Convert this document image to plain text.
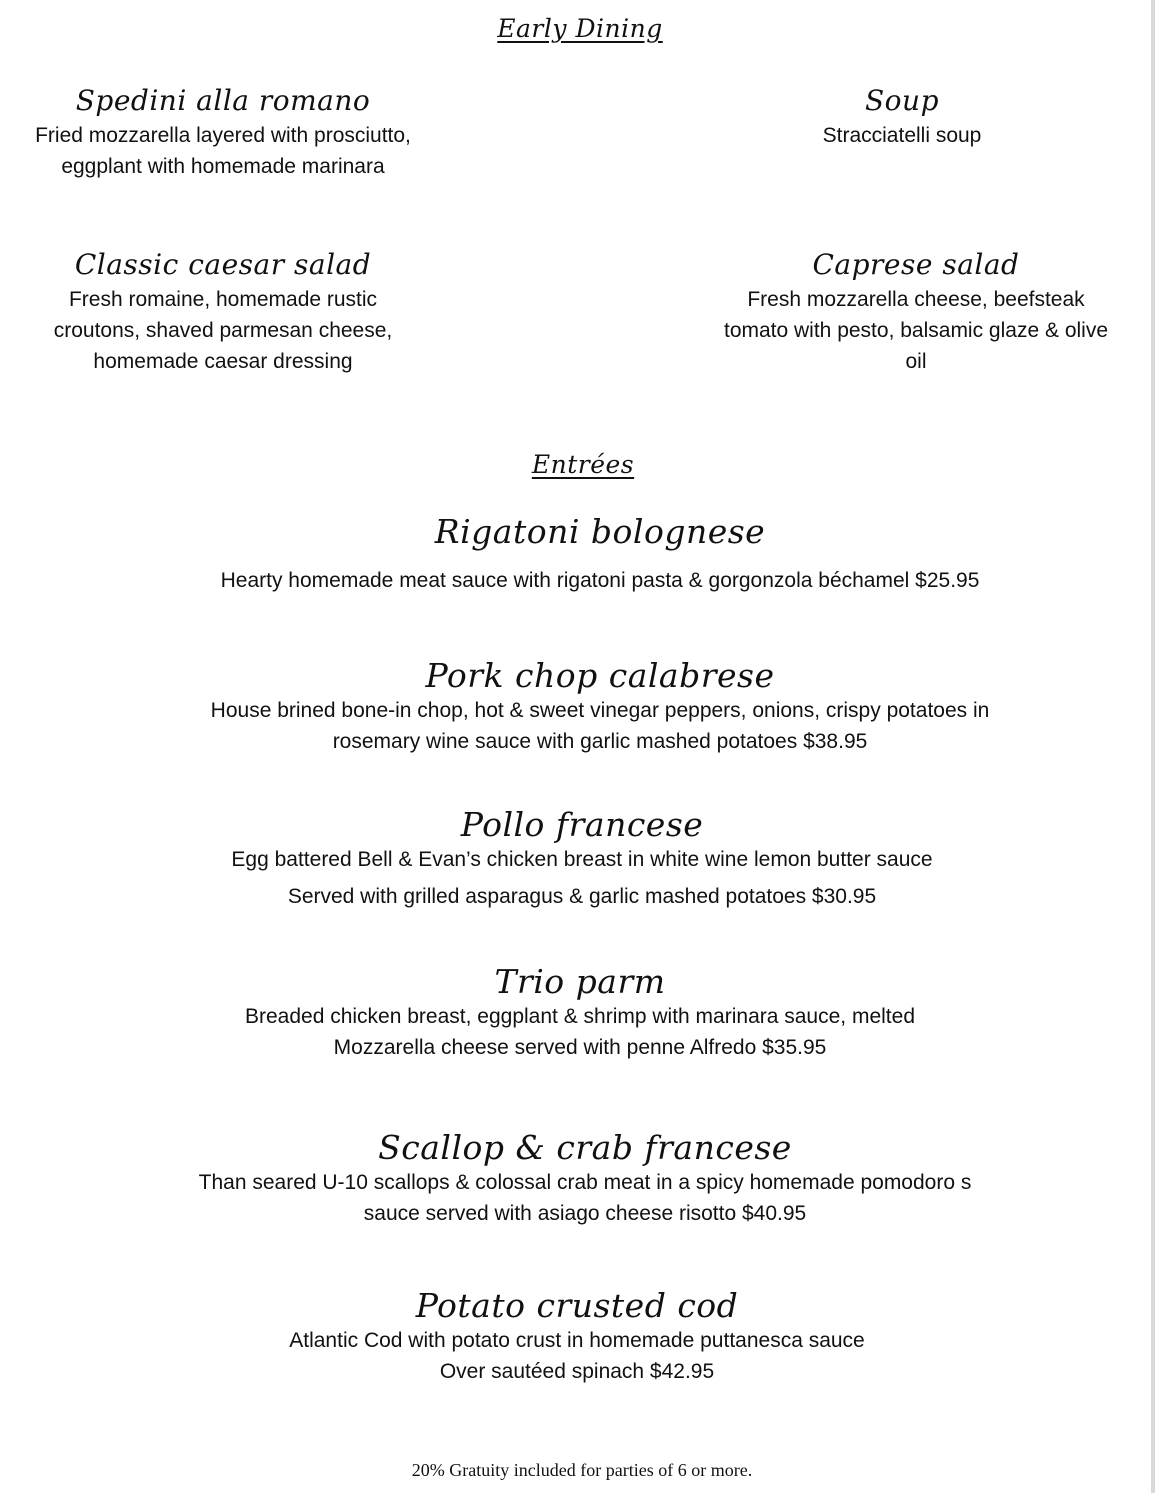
Early Dining
Spedini alla romano
Fried mozzarella layered with prosciutto,
eggplant with homemade marinara
Soup
Stracciatelli soup
Classic caesar salad
Fresh romaine, homemade rustic
croutons, shaved parmesan cheese,
homemade caesar dressing
Caprese salad
Fresh mozzarella cheese, beefsteak
tomato with pesto, balsamic glaze & olive
oil
Entrées
Rigatoni bolognese
Hearty homemade meat sauce with rigatoni pasta & gorgonzola béchamel $25.95
Pork chop calabrese
House brined bone-in chop, hot & sweet vinegar peppers, onions, crispy potatoes in
rosemary wine sauce with garlic mashed potatoes $38.95
Pollo francese
Egg battered Bell & Evan’s chicken breast in white wine lemon butter sauce
Served with grilled asparagus & garlic mashed potatoes $30.95
Trio parm
Breaded chicken breast, eggplant & shrimp with marinara sauce, melted
Mozzarella cheese served with penne Alfredo $35.95
Scallop & crab francese
Than seared U-10 scallops & colossal crab meat in a spicy homemade pomodoro s
sauce served with asiago cheese risotto $40.95
Potato crusted cod
Atlantic Cod with potato crust in homemade puttanesca sauce
Over sautéed spinach $42.95
20% Gratuity included for parties of 6 or more.
